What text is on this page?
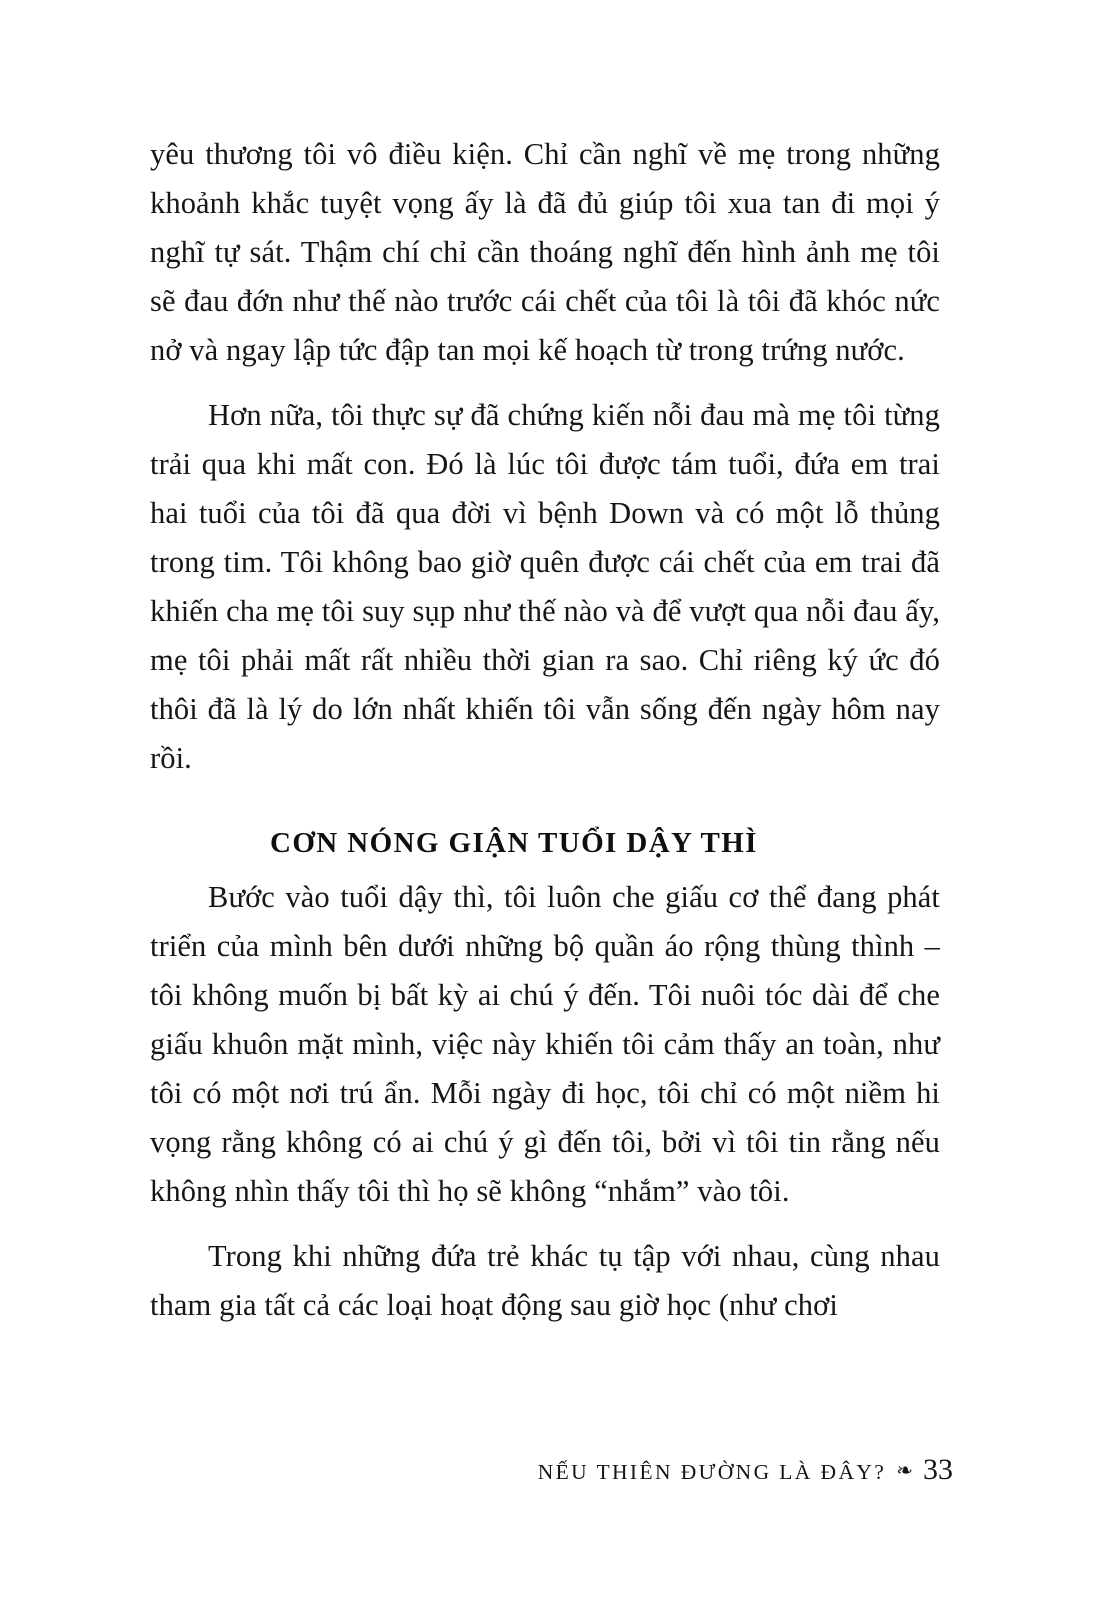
yêu thương tôi vô điều kiện. Chỉ cần nghĩ về mẹ trong những khoảnh khắc tuyệt vọng ấy là đã đủ giúp tôi xua tan đi mọi ý nghĩ tự sát. Thậm chí chỉ cần thoáng nghĩ đến hình ảnh mẹ tôi sẽ đau đớn như thế nào trước cái chết của tôi là tôi đã khóc nức nở và ngay lập tức đập tan mọi kế hoạch từ trong trứng nước.

Hơn nữa, tôi thực sự đã chứng kiến nỗi đau mà mẹ tôi từng trải qua khi mất con. Đó là lúc tôi được tám tuổi, đứa em trai hai tuổi của tôi đã qua đời vì bệnh Down và có một lỗ thủng trong tim. Tôi không bao giờ quên được cái chết của em trai đã khiến cha mẹ tôi suy sụp như thế nào và để vượt qua nỗi đau ấy, mẹ tôi phải mất rất nhiều thời gian ra sao. Chỉ riêng ký ức đó thôi đã là lý do lớn nhất khiến tôi vẫn sống đến ngày hôm nay rồi.

CƠN NÓNG GIẬN TUỔI DẬY THÌ

Bước vào tuổi dậy thì, tôi luôn che giấu cơ thể đang phát triển của mình bên dưới những bộ quần áo rộng thùng thình – tôi không muốn bị bất kỳ ai chú ý đến. Tôi nuôi tóc dài để che giấu khuôn mặt mình, việc này khiến tôi cảm thấy an toàn, như tôi có một nơi trú ẩn. Mỗi ngày đi học, tôi chỉ có một niềm hi vọng rằng không có ai chú ý gì đến tôi, bởi vì tôi tin rằng nếu không nhìn thấy tôi thì họ sẽ không “nhắm” vào tôi.

Trong khi những đứa trẻ khác tụ tập với nhau, cùng nhau tham gia tất cả các loại hoạt động sau giờ học (như chơi

NẾU THIÊN ĐƯỜNG LÀ ĐÂY? ❧ 33
